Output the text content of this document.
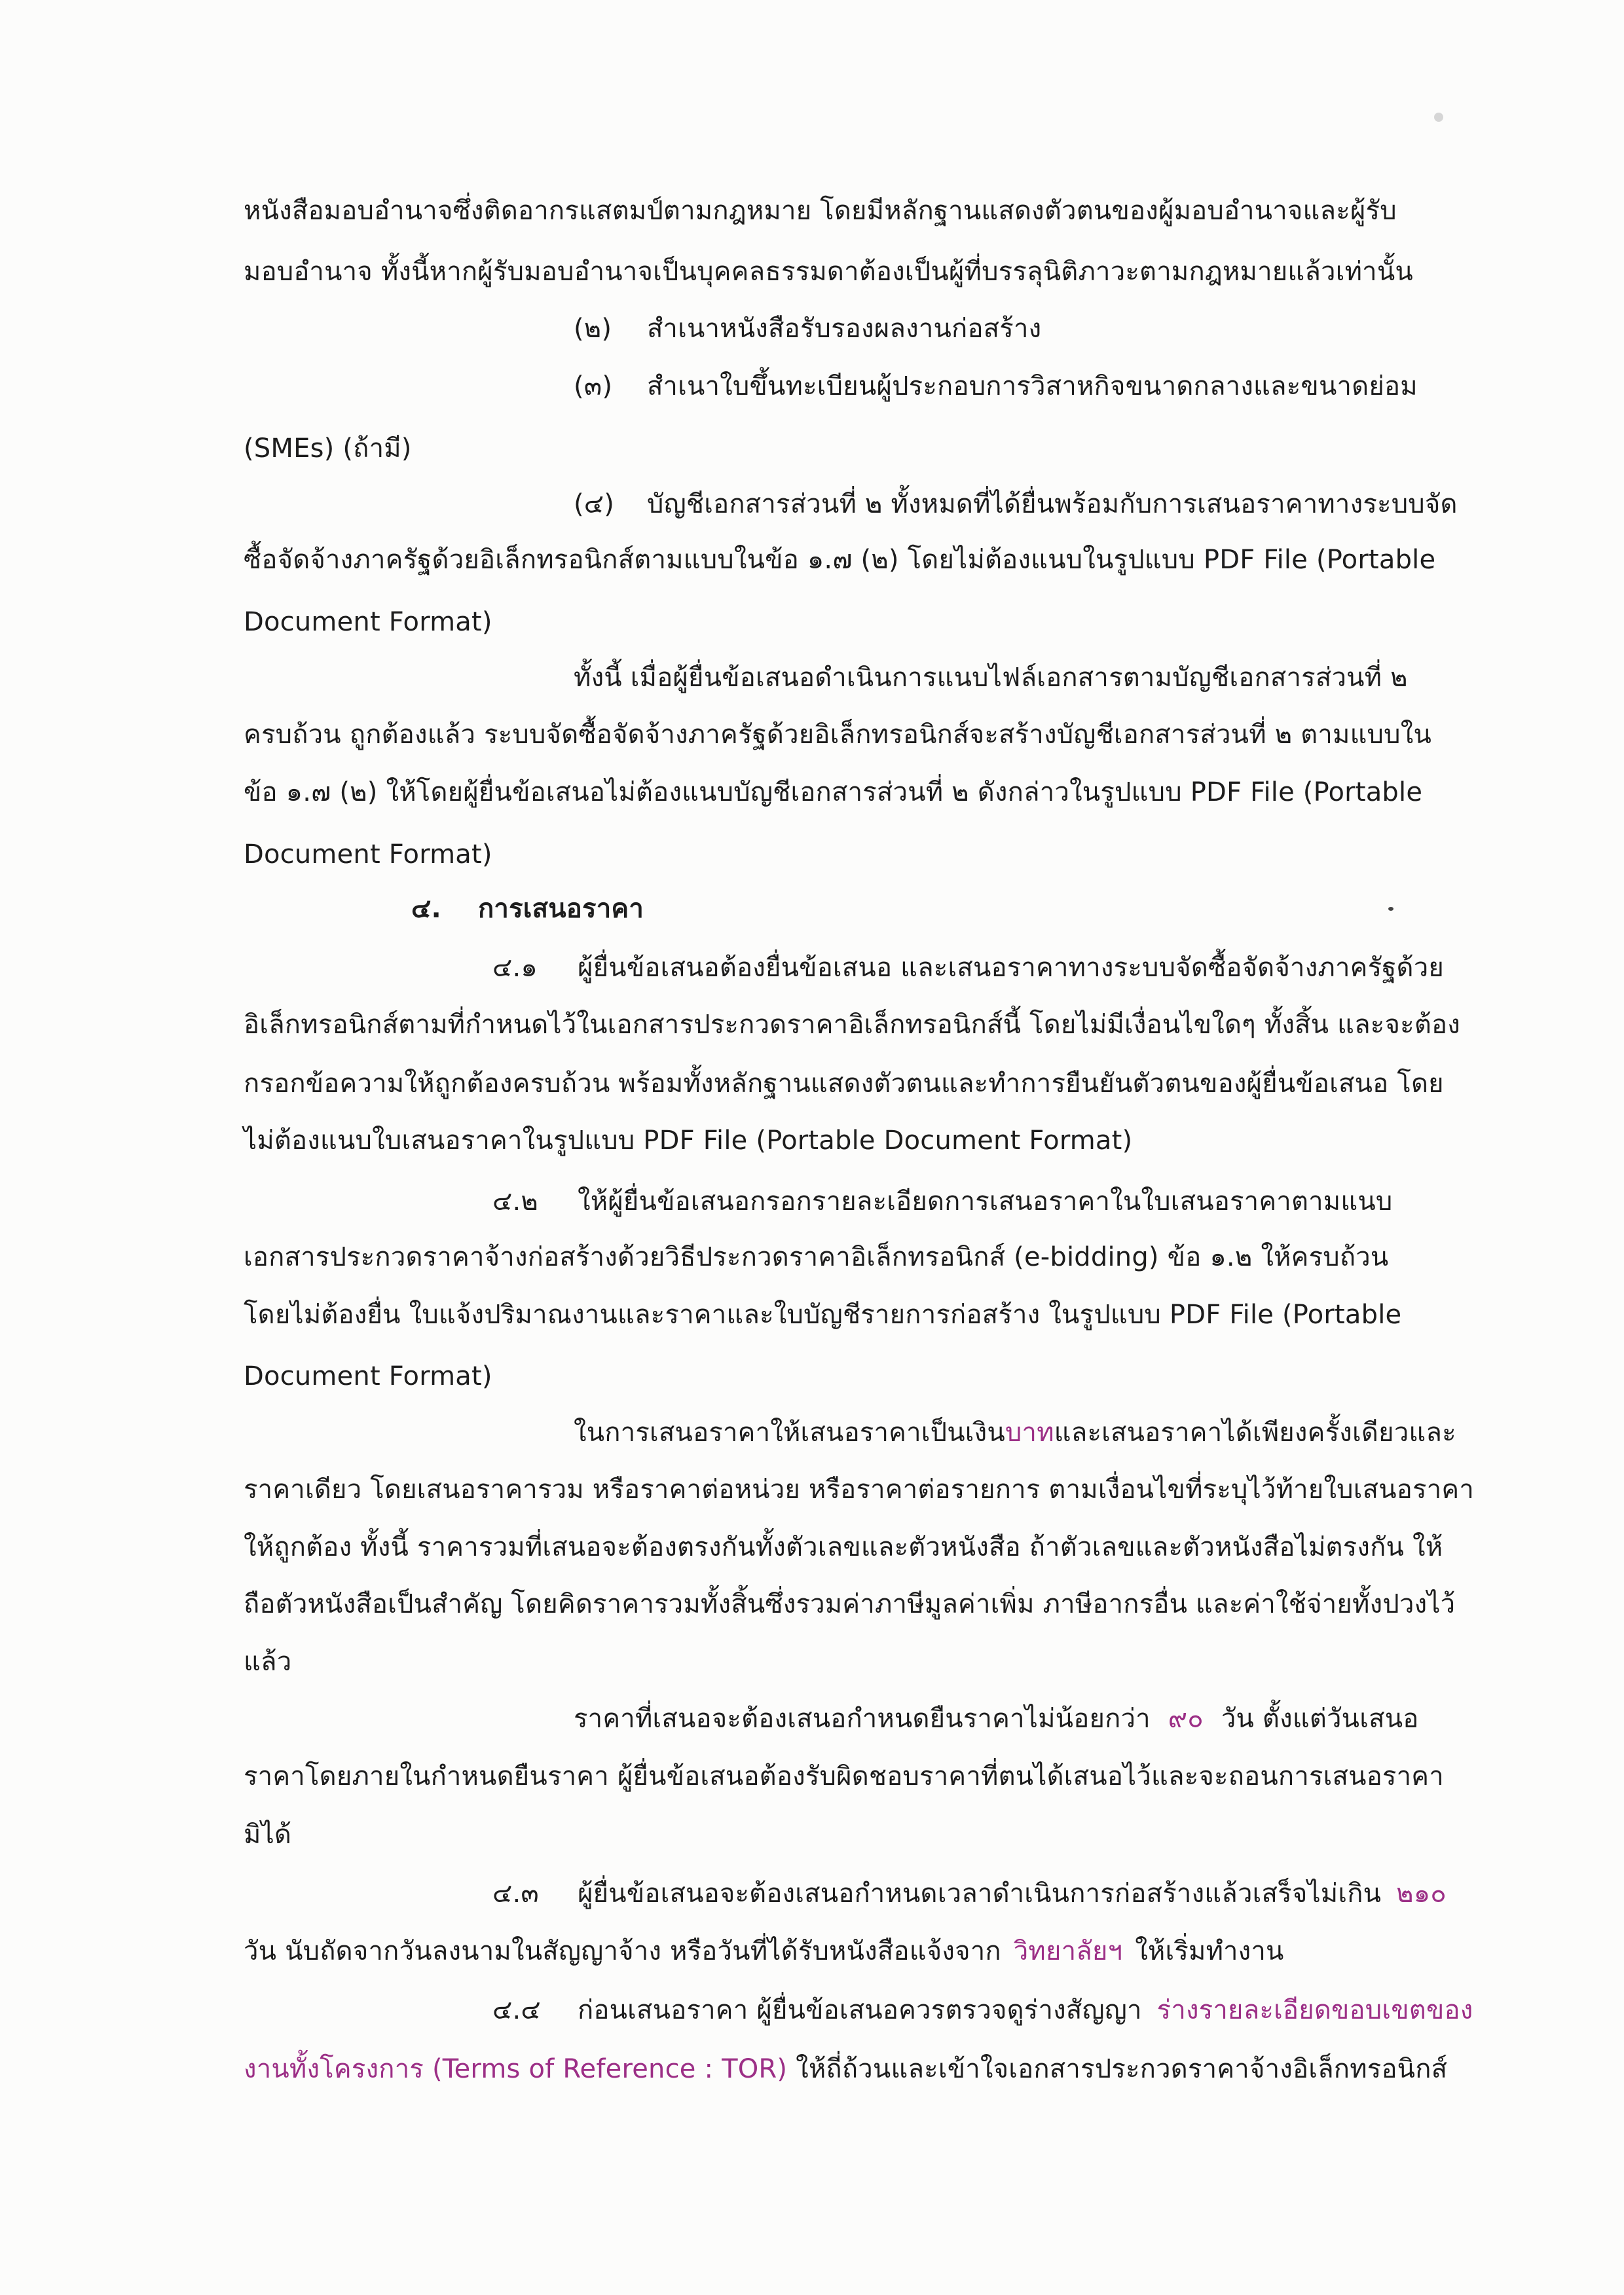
หนังสือมอบอำนาจซึ่งติดอากรแสตมป์ตามกฎหมาย โดยมีหลักฐานแสดงตัวตนของผู้มอบอำนาจและผู้รับ
มอบอำนาจ ทั้งนี้หากผู้รับมอบอำนาจเป็นบุคคลธรรมดาต้องเป็นผู้ที่บรรลุนิติภาวะตามกฎหมายแล้วเท่านั้น
(๒) สำเนาหนังสือรับรองผลงานก่อสร้าง
(๓) สำเนาใบขึ้นทะเบียนผู้ประกอบการวิสาหกิจขนาดกลางและขนาดย่อม
(SMEs) (ถ้ามี)
(๔) บัญชีเอกสารส่วนที่ ๒ ทั้งหมดที่ได้ยื่นพร้อมกับการเสนอราคาทางระบบจัด
ซื้อจัดจ้างภาครัฐด้วยอิเล็กทรอนิกส์ตามแบบในข้อ ๑.๗ (๒) โดยไม่ต้องแนบในรูปแบบ PDF File (Portable
Document Format)
ทั้งนี้ เมื่อผู้ยื่นข้อเสนอดำเนินการแนบไฟล์เอกสารตามบัญชีเอกสารส่วนที่ ๒
ครบถ้วน ถูกต้องแล้ว ระบบจัดซื้อจัดจ้างภาครัฐด้วยอิเล็กทรอนิกส์จะสร้างบัญชีเอกสารส่วนที่ ๒ ตามแบบใน
ข้อ ๑.๗ (๒) ให้โดยผู้ยื่นข้อเสนอไม่ต้องแนบบัญชีเอกสารส่วนที่ ๒ ดังกล่าวในรูปแบบ PDF File (Portable
Document Format)
๔. การเสนอราคา
๔.๑ ผู้ยื่นข้อเสนอต้องยื่นข้อเสนอ และเสนอราคาทางระบบจัดซื้อจัดจ้างภาครัฐด้วย
อิเล็กทรอนิกส์ตามที่กำหนดไว้ในเอกสารประกวดราคาอิเล็กทรอนิกส์นี้ โดยไม่มีเงื่อนไขใดๆ ทั้งสิ้น และจะต้อง
กรอกข้อความให้ถูกต้องครบถ้วน พร้อมทั้งหลักฐานแสดงตัวตนและทำการยืนยันตัวตนของผู้ยื่นข้อเสนอ โดย
ไม่ต้องแนบใบเสนอราคาในรูปแบบ PDF File (Portable Document Format)
๔.๒ ให้ผู้ยื่นข้อเสนอกรอกรายละเอียดการเสนอราคาในใบเสนอราคาตามแนบ
เอกสารประกวดราคาจ้างก่อสร้างด้วยวิธีประกวดราคาอิเล็กทรอนิกส์ (e-bidding) ข้อ ๑.๒ ให้ครบถ้วน
โดยไม่ต้องยื่น ใบแจ้งปริมาณงานและราคาและใบบัญชีรายการก่อสร้าง ในรูปแบบ PDF File (Portable
Document Format)
ในการเสนอราคาให้เสนอราคาเป็นเงินบาทและเสนอราคาได้เพียงครั้งเดียวและ
ราคาเดียว โดยเสนอราคารวม หรือราคาต่อหน่วย หรือราคาต่อรายการ ตามเงื่อนไขที่ระบุไว้ท้ายใบเสนอราคา
ให้ถูกต้อง ทั้งนี้ ราคารวมที่เสนอจะต้องตรงกันทั้งตัวเลขและตัวหนังสือ ถ้าตัวเลขและตัวหนังสือไม่ตรงกัน ให้
ถือตัวหนังสือเป็นสำคัญ โดยคิดราคารวมทั้งสิ้นซึ่งรวมค่าภาษีมูลค่าเพิ่ม ภาษีอากรอื่น และค่าใช้จ่ายทั้งปวงไว้
แล้ว
ราคาที่เสนอจะต้องเสนอกำหนดยืนราคาไม่น้อยกว่า ๙๐ วัน ตั้งแต่วันเสนอ
ราคาโดยภายในกำหนดยืนราคา ผู้ยื่นข้อเสนอต้องรับผิดชอบราคาที่ตนได้เสนอไว้และจะถอนการเสนอราคา
มิได้
๔.๓ ผู้ยื่นข้อเสนอจะต้องเสนอกำหนดเวลาดำเนินการก่อสร้างแล้วเสร็จไม่เกิน ๒๑๐
วัน นับถัดจากวันลงนามในสัญญาจ้าง หรือวันที่ได้รับหนังสือแจ้งจาก วิทยาลัยฯ ให้เริ่มทำงาน
๔.๔ ก่อนเสนอราคา ผู้ยื่นข้อเสนอควรตรวจดูร่างสัญญา ร่างรายละเอียดขอบเขตของ
งานทั้งโครงการ (Terms of Reference : TOR) ให้ถี่ถ้วนและเข้าใจเอกสารประกวดราคาจ้างอิเล็กทรอนิกส์
